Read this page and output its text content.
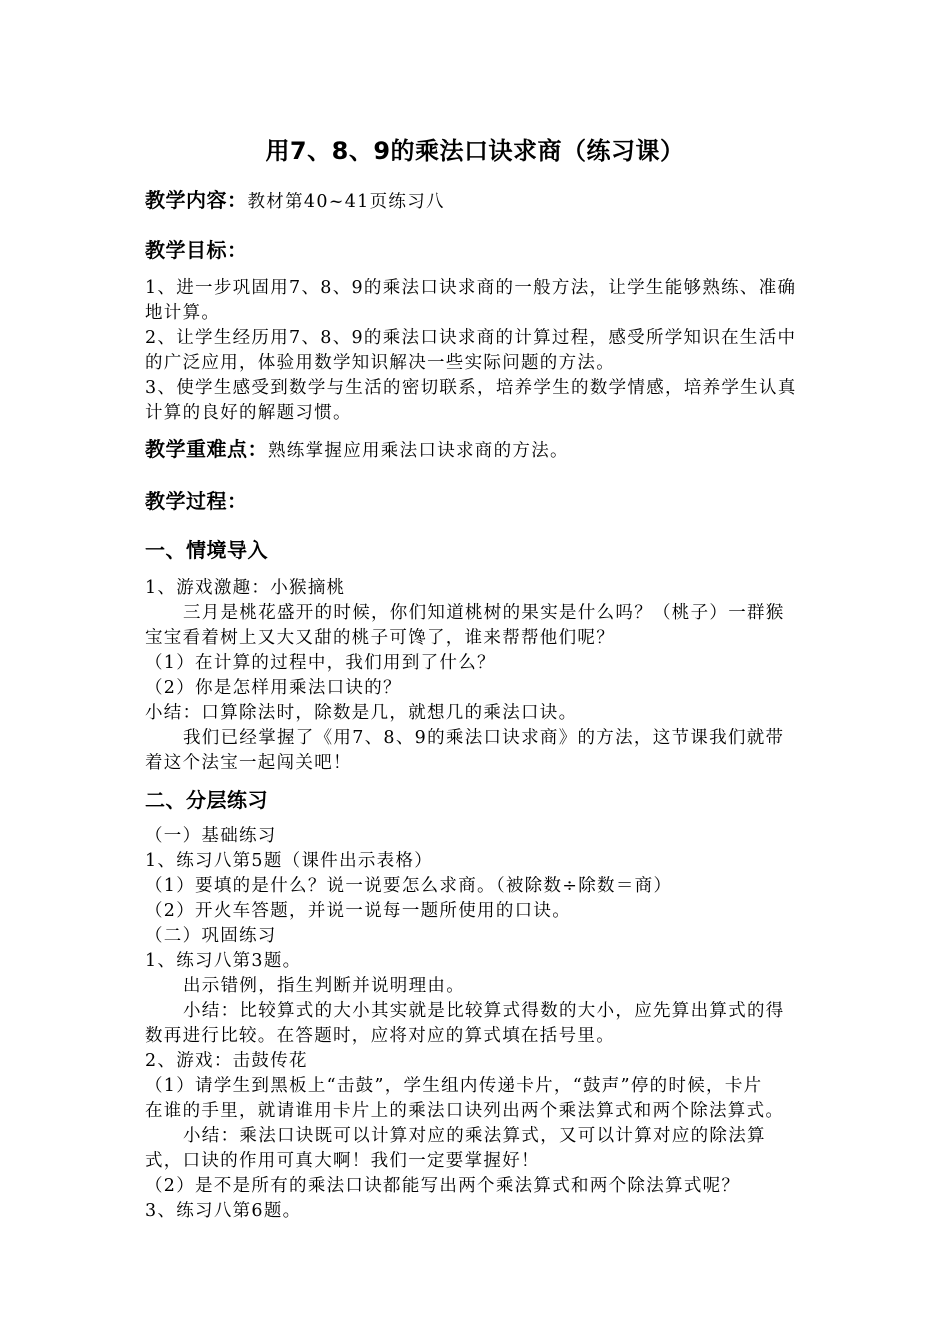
用7、8、9的乘法口诀求商（练习课）
教学内容：教材第40~41页练习八
教学目标：
1、进一步巩固用7、8、9的乘法口诀求商的一般方法，让学生能够熟练、准确
地计算。
2、让学生经历用7、8、9的乘法口诀求商的计算过程，感受所学知识在生活中
的广泛应用，体验用数学知识解决一些实际问题的方法。
3、使学生感受到数学与生活的密切联系，培养学生的数学情感，培养学生认真
计算的良好的解题习惯。
教学重难点：熟练掌握应用乘法口诀求商的方法。
教学过程：
一、情境导入
1、游戏激趣：小猴摘桃
三月是桃花盛开的时候，你们知道桃树的果实是什么吗？（桃子）一群猴
宝宝看着树上又大又甜的桃子可馋了，谁来帮帮他们呢？
（1）在计算的过程中，我们用到了什么？
（2）你是怎样用乘法口诀的？
小结：口算除法时，除数是几，就想几的乘法口诀。
我们已经掌握了《用7、8、9的乘法口诀求商》的方法，这节课我们就带
着这个法宝一起闯关吧！
二、分层练习
（一）基础练习
1、练习八第5题（课件出示表格）
（1）要填的是什么？说一说要怎么求商。（被除数÷除数＝商）
（2）开火车答题，并说一说每一题所使用的口诀。
（二）巩固练习
1、练习八第3题。
出示错例，指生判断并说明理由。
小结：比较算式的大小其实就是比较算式得数的大小，应先算出算式的得
数再进行比较。在答题时，应将对应的算式填在括号里。
2、游戏：击鼓传花
（1）请学生到黑板上“击鼓”，学生组内传递卡片，“鼓声”停的时候，卡片
在谁的手里，就请谁用卡片上的乘法口诀列出两个乘法算式和两个除法算式。
小结：乘法口诀既可以计算对应的乘法算式，又可以计算对应的除法算
式，口诀的作用可真大啊！我们一定要掌握好！
（2）是不是所有的乘法口诀都能写出两个乘法算式和两个除法算式呢？
3、练习八第6题。
